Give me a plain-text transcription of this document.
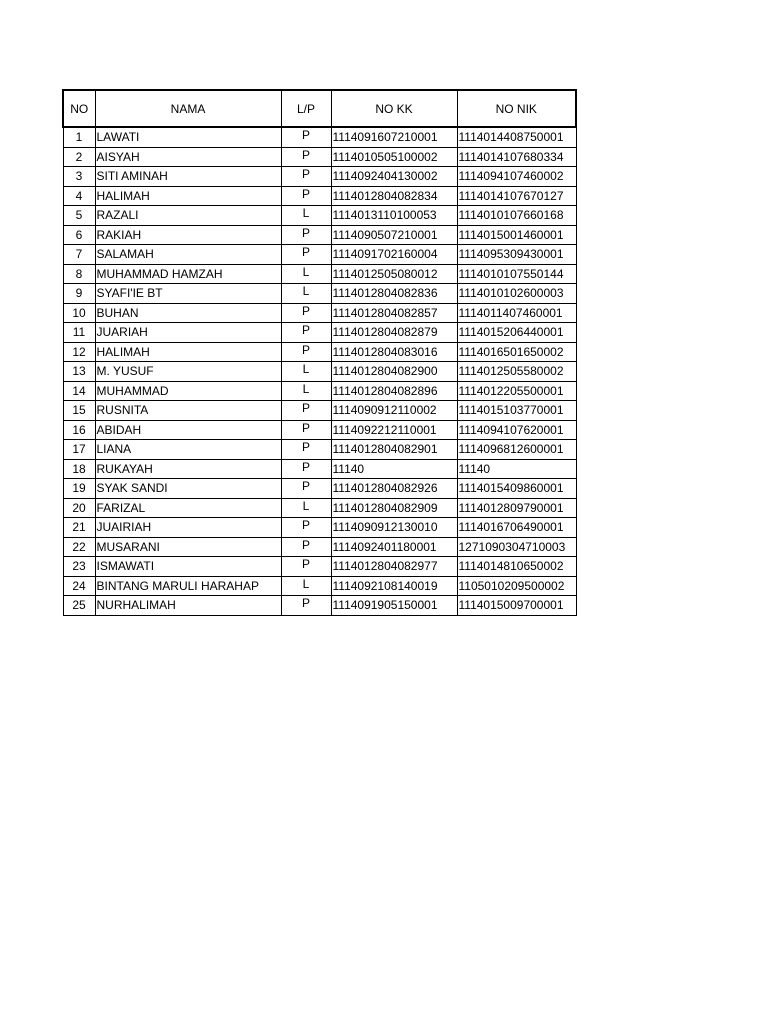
NO	NAMA	L/P	NO KK	NO NIK
1	LAWATI	P	1114091607210001	1114014408750001
2	AISYAH	P	1114010505100002	1114014107680334
3	SITI AMINAH	P	1114092404130002	1114094107460002
4	HALIMAH	P	1114012804082834	1114014107670127
5	RAZALI	L	1114013110100053	1114010107660168
6	RAKIAH	P	1114090507210001	1114015001460001
7	SALAMAH	P	1114091702160004	1114095309430001
8	MUHAMMAD HAMZAH	L	1114012505080012	1114010107550144
9	SYAFI'IE BT	L	1114012804082836	1114010102600003
10	BUHAN	P	1114012804082857	1114011407460001
11	JUARIAH	P	1114012804082879	1114015206440001
12	HALIMAH	P	1114012804083016	1114016501650002
13	M. YUSUF	L	1114012804082900	1114012505580002
14	MUHAMMAD	L	1114012804082896	1114012205500001
15	RUSNITA	P	1114090912110002	1114015103770001
16	ABIDAH	P	1114092212110001	1114094107620001
17	LIANA	P	1114012804082901	1114096812600001
18	RUKAYAH	P	11140	11140
19	SYAK SANDI	P	1114012804082926	1114015409860001
20	FARIZAL	L	1114012804082909	1114012809790001
21	JUAIRIAH	P	1114090912130010	1114016706490001
22	MUSARANI	P	1114092401180001	1271090304710003
23	ISMAWATI	P	1114012804082977	1114014810650002
24	BINTANG MARULI HARAHAP	L	1114092108140019	1105010209500002
25	NURHALIMAH	P	1114091905150001	1114015009700001
